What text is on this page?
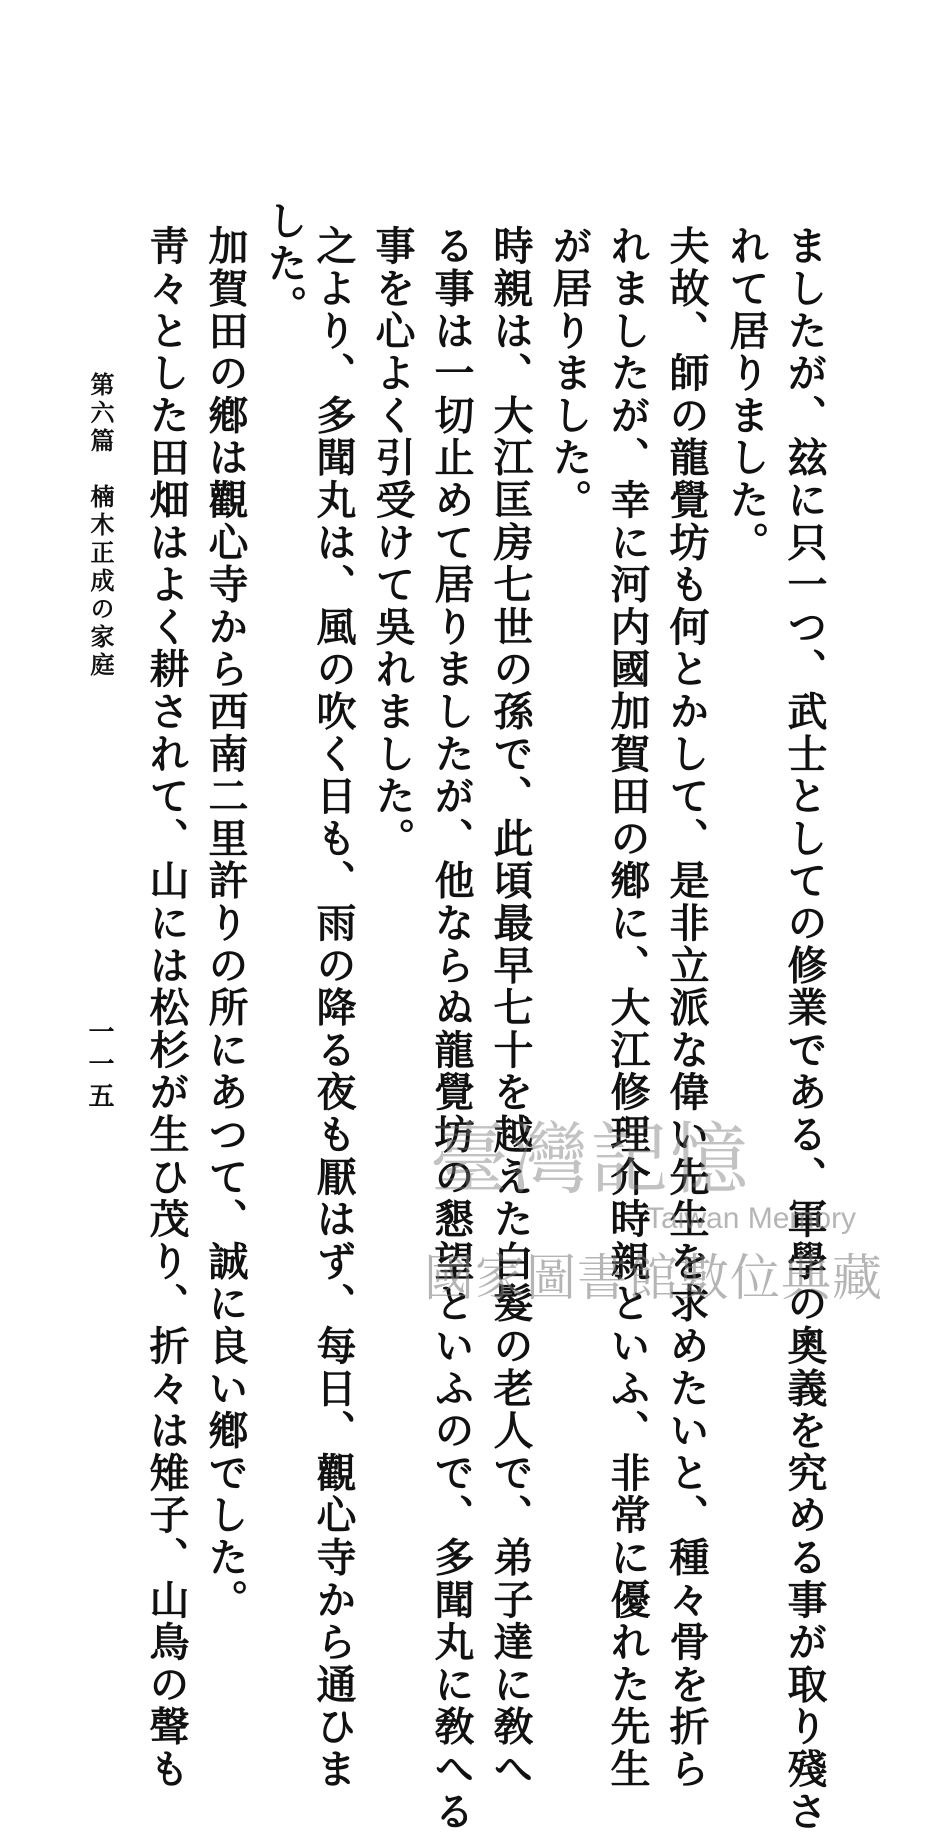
ましたが、玆に只一つ、武士としての修業である、軍學の奧義を究める事が取り殘さ
れて居りました。
夫故、師の龍覺坊も何とかして、是非立派な偉い先生を求めたいと、種々骨を折ら
れましたが、幸に河内國加賀田の鄕に、大江修理介時親といふ、非常に優れた先生
が居りました。
時親は、大江匡房七世の孫で、此頃最早七十を越えた白髮の老人で、弟子達に敎へ
る事は一切止めて居りましたが、他ならぬ龍覺坊の懇望といふので、多聞丸に敎へる
事を心よく引受けて吳れました。
之より、多聞丸は、風の吹く日も、雨の降る夜も厭はず、每日、觀心寺から通ひま
した。
加賀田の鄕は觀心寺から西南二里許りの所にあつて、誠に良い鄕でした。
靑々とした田畑はよく耕されて、山には松杉が生ひ茂り、折々は雉子、山鳥の聲も
第六篇　楠木正成の家庭
一一五
臺灣記憶
Taiwan Memory
國家圖書館數位典藏
